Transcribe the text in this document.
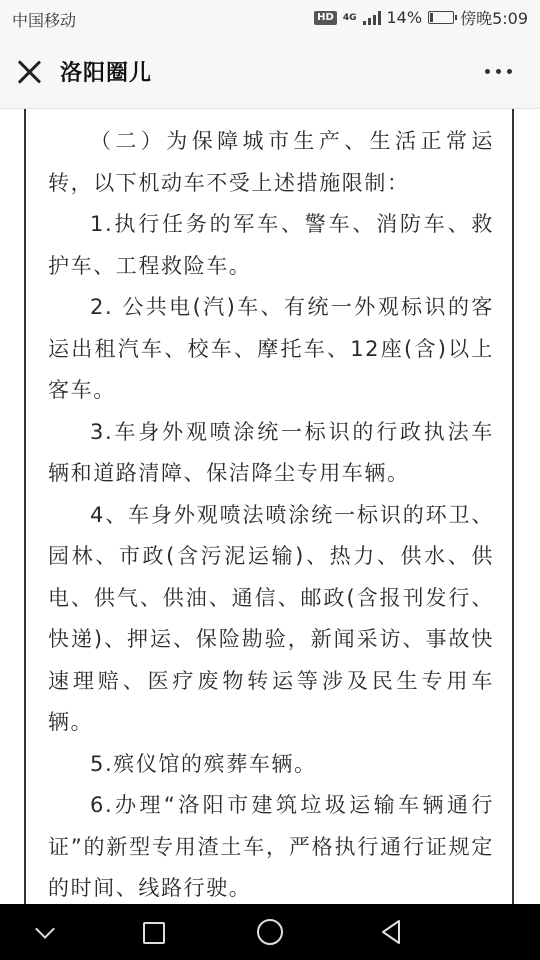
中国移动	HD	4G 14% 傍晚5:09
洛阳圈儿

（二）为保障城市生产、生活正常运转，以下机动车不受上述措施限制：

1.执行任务的军车、警车、消防车、救护车、工程救险车。

2. 公共电(汽)车、有统一外观标识的客运出租汽车、校车、摩托车、12座(含)以上客车。

3.车身外观喷涂统一标识的行政执法车辆和道路清障、保洁降尘专用车辆。

4、车身外观喷法喷涂统一标识的环卫、园林、市政(含污泥运输)、热力、供水、供电、供气、供油、通信、邮政(含报刊发行、快递)、押运、保险勘验，新闻采访、事故快速理赔、医疗废物转运等涉及民生专用车辆。

5.殡仪馆的殡葬车辆。

6.办理“洛阳市建筑垃圾运输车辆通行证”的新型专用渣土车，严格执行通行证规定的时间、线路行驶。
